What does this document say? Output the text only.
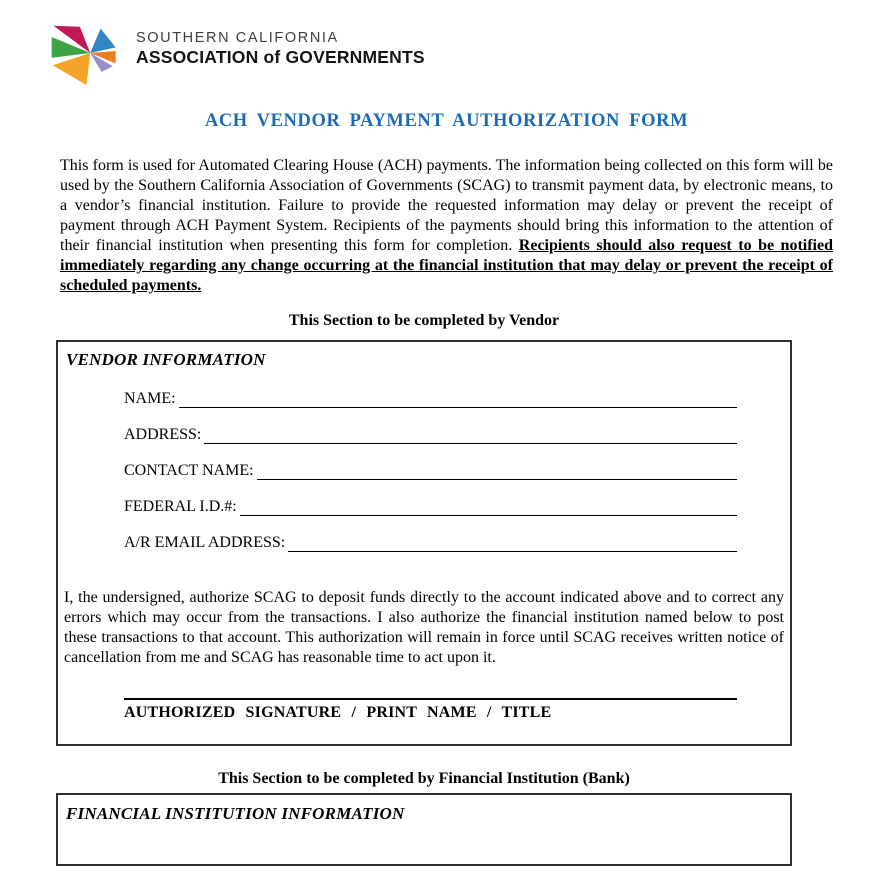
SOUTHERN CALIFORNIA
ASSOCIATION of GOVERNMENTS
ACH VENDOR PAYMENT AUTHORIZATION FORM

This form is used for Automated Clearing House (ACH) payments. The information being collected on this form will be used by the Southern California Association of Governments (SCAG) to transmit payment data, by electronic means, to a vendor’s financial institution. Failure to provide the requested information may delay or prevent the receipt of payment through ACH Payment System. Recipients of the payments should bring this information to the attention of their financial institution when presenting this form for completion. Recipients should also request to be notified immediately regarding any change occurring at the financial institution that may delay or prevent the receipt of scheduled payments.

This Section to be completed by Vendor
VENDOR INFORMATION
NAME:
ADDRESS:
CONTACT NAME:
FEDERAL I.D.#:
A/R EMAIL ADDRESS:

I, the undersigned, authorize SCAG to deposit funds directly to the account indicated above and to correct any errors which may occur from the transactions. I also authorize the financial institution named below to post these transactions to that account. This authorization will remain in force until SCAG receives written notice of cancellation from me and SCAG has reasonable time to act upon it.

AUTHORIZED SIGNATURE / PRINT NAME / TITLE
This Section to be completed by Financial Institution (Bank)
FINANCIAL INSTITUTION INFORMATION
